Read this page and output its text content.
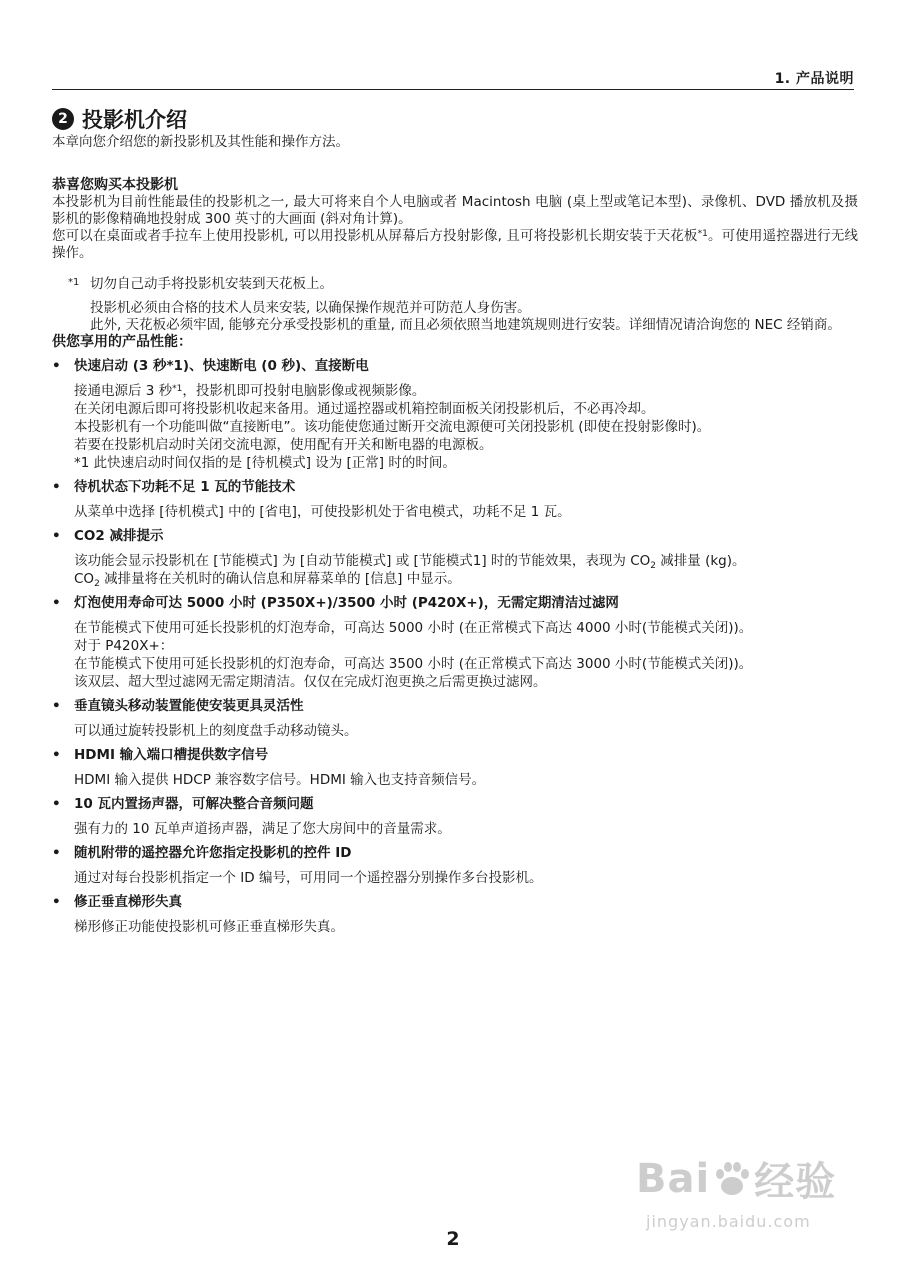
1. 产品说明
2 投影机介绍

本章向您介绍您的新投影机及其性能和操作方法。

恭喜您购买本投影机

本投影机为目前性能最佳的投影机之一, 最大可将来自个人电脑或者 Macintosh 电脑 (桌上型或笔记本型)、录像机、DVD 播放机及摄影机的影像精确地投射成 300 英寸的大画面 (斜对角计算)。

您可以在桌面或者手拉车上使用投影机, 可以用投影机从屏幕后方投射影像, 且可将投影机长期安装于天花板$^{*1}$。可使用遥控器进行无线操作。

*1 切勿自己动手将投影机安装到天花板上。

投影机必须由合格的技术人员来安装, 以确保操作规范并可防范人身伤害。

此外, 天花板必须牢固, 能够充分承受投影机的重量, 而且必须依照当地建筑规则进行安装。详细情况请洽询您的 NEC 经销商。

供您享用的产品性能：

• 快速启动 (3 秒*1)、快速断电 (0 秒)、直接断电

接通电源后 3 秒$^{*1}$，投影机即可投射电脑影像或视频影像。

在关闭电源后即可将投影机收起来备用。通过遥控器或机箱控制面板关闭投影机后，不必再冷却。

本投影机有一个功能叫做“直接断电”。该功能使您通过断开交流电源便可关闭投影机 (即使在投射影像时)。

若要在投影机启动时关闭交流电源，使用配有开关和断电器的电源板。

*1 此快速启动时间仅指的是 [待机模式] 设为 [正常] 时的时间。

• 待机状态下功耗不足 1 瓦的节能技术

从菜单中选择 [待机模式] 中的 [省电]，可使投影机处于省电模式，功耗不足 1 瓦。

• CO2 减排提示

该功能会显示投影机在 [节能模式] 为 [自动节能模式] 或 [节能模式1] 时的节能效果，表现为 $CO_2$ 减排量 (kg)。

$CO_2$ 减排量将在关机时的确认信息和屏幕菜单的 [信息] 中显示。

• 灯泡使用寿命可达 5000 小时 (P350X+)/3500 小时 (P420X+)，无需定期清洁过滤网

在节能模式下使用可延长投影机的灯泡寿命，可高达 5000 小时 (在正常模式下高达 4000 小时(节能模式关闭))。

对于 P420X+：

在节能模式下使用可延长投影机的灯泡寿命，可高达 3500 小时 (在正常模式下高达 3000 小时(节能模式关闭))。

该双层、超大型过滤网无需定期清洁。仅仅在完成灯泡更换之后需更换过滤网。

• 垂直镜头移动装置能使安装更具灵活性

可以通过旋转投影机上的刻度盘手动移动镜头。

• HDMI 输入端口槽提供数字信号

HDMI 输入提供 HDCP 兼容数字信号。HDMI 输入也支持音频信号。

• 10 瓦内置扬声器，可解决整合音频问题

强有力的 10 瓦单声道扬声器，满足了您大房间中的音量需求。

• 随机附带的遥控器允许您指定投影机的控件 ID

通过对每台投影机指定一个 ID 编号，可用同一个遥控器分别操作多台投影机。

• 修正垂直梯形失真

梯形修正功能使投影机可修正垂直梯形失真。

Bai 经验
jingyan.baidu.com
2
